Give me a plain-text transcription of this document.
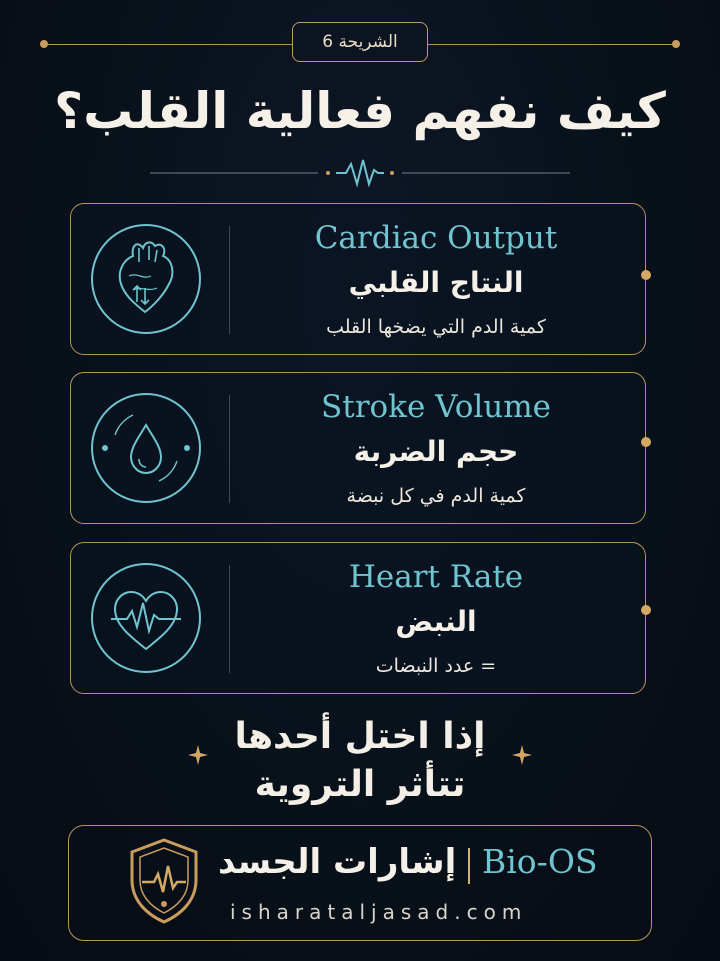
الشريحة 6
كيف نفهم فعالية القلب؟
Cardiac Output
النتاج القلبي
كمية الدم التي يضخها القلب
Stroke Volume
حجم الضربة
كمية الدم في كل نبضة
Heart Rate
النبض
= عدد النبضات
إذا اختل أحدها
تتأثر التروية
إشارات الجسد Bio-OS
isharataljasad.com
